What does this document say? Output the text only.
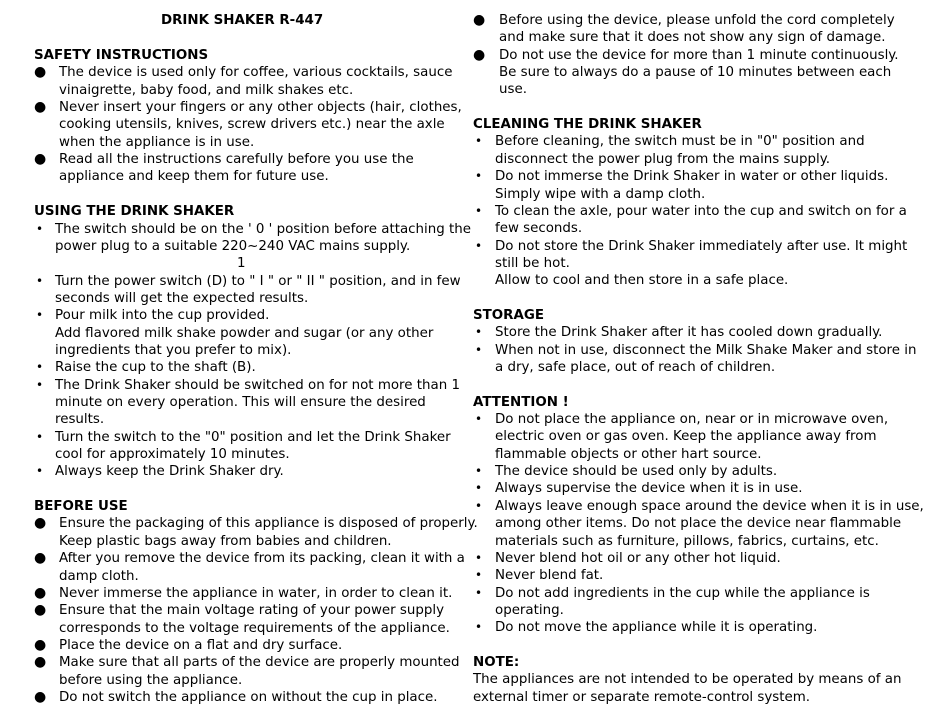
DRINK SHAKER R-447
SAFETY INSTRUCTIONS
● The device is used only for coffee, various cocktails, sauce
vinaigrette, baby food, and milk shakes etc.
● Never insert your fingers or any other objects (hair, clothes,
cooking utensils, knives, screw drivers etc.) near the axle
when the appliance is in use.
● Read all the instructions carefully before you use the
appliance and keep them for future use.
USING THE DRINK SHAKER
• The switch should be on the ' 0 ' position before attaching the
power plug to a suitable 220~240 VAC mains supply.
1
• Turn the power switch (D) to " I " or " II " position, and in few
seconds will get the expected results.
• Pour milk into the cup provided.
Add flavored milk shake powder and sugar (or any other
ingredients that you prefer to mix).
• Raise the cup to the shaft (B).
• The Drink Shaker should be switched on for not more than 1
minute on every operation. This will ensure the desired
results.
• Turn the switch to the "0" position and let the Drink Shaker
cool for approximately 10 minutes.
• Always keep the Drink Shaker dry.
BEFORE USE
● Ensure the packaging of this appliance is disposed of properly.
Keep plastic bags away from babies and children.
● After you remove the device from its packing, clean it with a
damp cloth.
● Never immerse the appliance in water, in order to clean it.
● Ensure that the main voltage rating of your power supply
corresponds to the voltage requirements of the appliance.
● Place the device on a flat and dry surface.
● Make sure that all parts of the device are properly mounted
before using the appliance.
● Do not switch the appliance on without the cup in place.
● Before using the device, please unfold the cord completely
and make sure that it does not show any sign of damage.
● Do not use the device for more than 1 minute continuously.
Be sure to always do a pause of 10 minutes between each
use.
CLEANING THE DRINK SHAKER
• Before cleaning, the switch must be in "0" position and
disconnect the power plug from the mains supply.
• Do not immerse the Drink Shaker in water or other liquids.
Simply wipe with a damp cloth.
• To clean the axle, pour water into the cup and switch on for a
few seconds.
• Do not store the Drink Shaker immediately after use. It might
still be hot.
Allow to cool and then store in a safe place.
STORAGE
• Store the Drink Shaker after it has cooled down gradually.
• When not in use, disconnect the Milk Shake Maker and store in
a dry, safe place, out of reach of children.
ATTENTION !
• Do not place the appliance on, near or in microwave oven,
electric oven or gas oven. Keep the appliance away from
flammable objects or other hart source.
• The device should be used only by adults.
• Always supervise the device when it is in use.
• Always leave enough space around the device when it is in use,
among other items. Do not place the device near flammable
materials such as furniture, pillows, fabrics, curtains, etc.
• Never blend hot oil or any other hot liquid.
• Never blend fat.
• Do not add ingredients in the cup while the appliance is
operating.
• Do not move the appliance while it is operating.
NOTE:
The appliances are not intended to be operated by means of an
external timer or separate remote-control system.
